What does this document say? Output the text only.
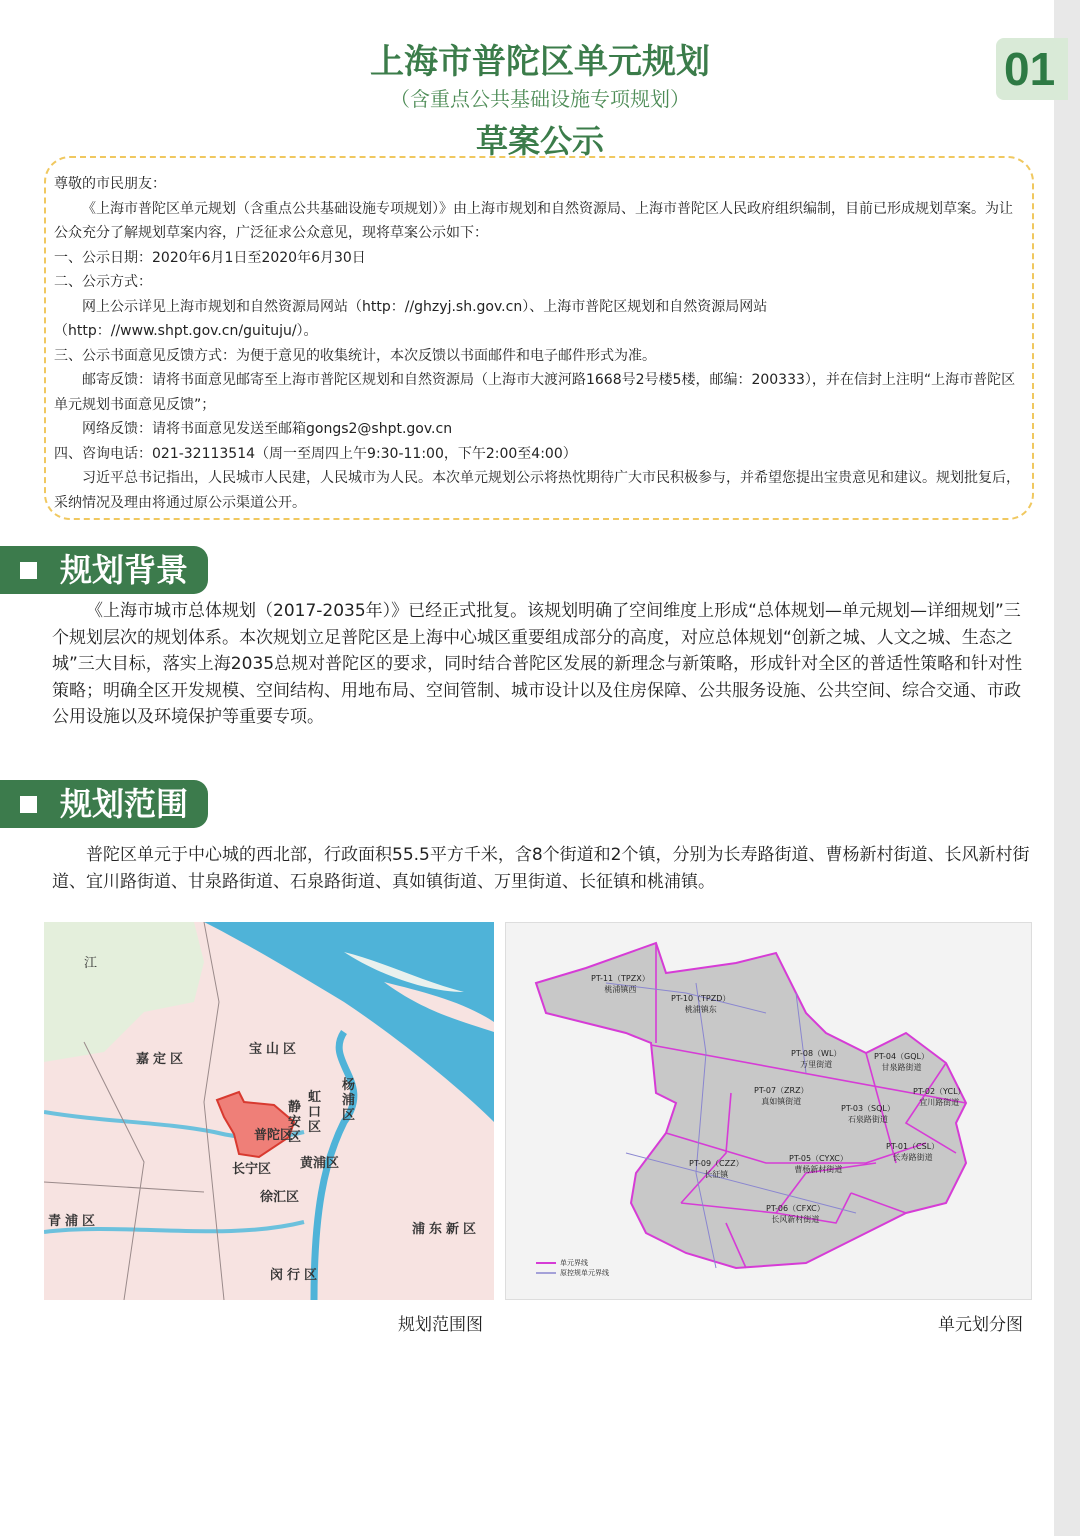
01
上海市普陀区单元规划
（含重点公共基础设施专项规划）
草案公示

尊敬的市民朋友：

《上海市普陀区单元规划（含重点公共基础设施专项规划）》由上海市规划和自然资源局、上海市普陀区人民政府组织编制，目前已形成规划草案。为让公众充分了解规划草案内容，广泛征求公众意见，现将草案公示如下：

一、公示日期：2020年6月1日至2020年6月30日

二、公示方式：

网上公示详见上海市规划和自然资源局网站（http：//ghzyj.sh.gov.cn）、上海市普陀区规划和自然资源局网站（http：//www.shpt.gov.cn/guituju/）。

三、公示书面意见反馈方式：为便于意见的收集统计，本次反馈以书面邮件和电子邮件形式为准。

邮寄反馈：请将书面意见邮寄至上海市普陀区规划和自然资源局（上海市大渡河路1668号2号楼5楼，邮编：200333），并在信封上注明“上海市普陀区单元规划书面意见反馈”；

网络反馈：请将书面意见发送至邮箱gongs2@shpt.gov.cn

四、咨询电话：021-32113514（周一至周四上午9:30-11:00，下午2:00至4:00）

习近平总书记指出，人民城市人民建，人民城市为人民。本次单元规划公示将热忱期待广大市民积极参与，并希望您提出宝贵意见和建议。规划批复后，采纳情况及理由将通过原公示渠道公开。

规划背景
《上海市城市总体规划（2017-2035年）》已经正式批复。该规划明确了空间维度上形成“总体规划—单元规划—详细规划”三个规划层次的规划体系。本次规划立足普陀区是上海中心城区重要组成部分的高度，对应总体规划“创新之城、人文之城、生态之城”三大目标，落实上海2035总规对普陀区的要求，同时结合普陀区发展的新理念与新策略，形成针对全区的普适性策略和针对性策略；明确全区开发规模、空间结构、用地布局、空间管制、城市设计以及住房保障、公共服务设施、公共空间、综合交通、市政公用设施以及环境保护等重要专项。
规划范围
普陀区单元于中心城的西北部，行政面积55.5平方千米，含8个街道和2个镇，分别为长寿路街道、曹杨新村街道、长风新村街道、宜川路街道、甘泉路街道、石泉路街道、真如镇街道、万里街道、长征镇和桃浦镇。
江
嘉定区
宝山区
杨浦区
虹口区
静安区
普陀区
长宁区 黄浦区
徐汇区
青浦区
浦东新区
闵行区
PT-11（TPZX）
桃浦镇西
PT-10（TPZD）
桃浦镇东
PT-08（WL）
万里街道
PT-04（GQL）
甘泉路街道
PT-02（YCL）
宜川路街道
PT-07（ZRZ）
真如镇街道
PT-03（SQL）
石泉路街道
PT-01（CSL）
长寿路街道
PT-09（CZZ）
长征镇
PT-05（CYXC）
曹杨新村街道
PT-06（CFXC）
长风新村街道
单元界线
原控规单元界线
规划范围图	单元划分图
